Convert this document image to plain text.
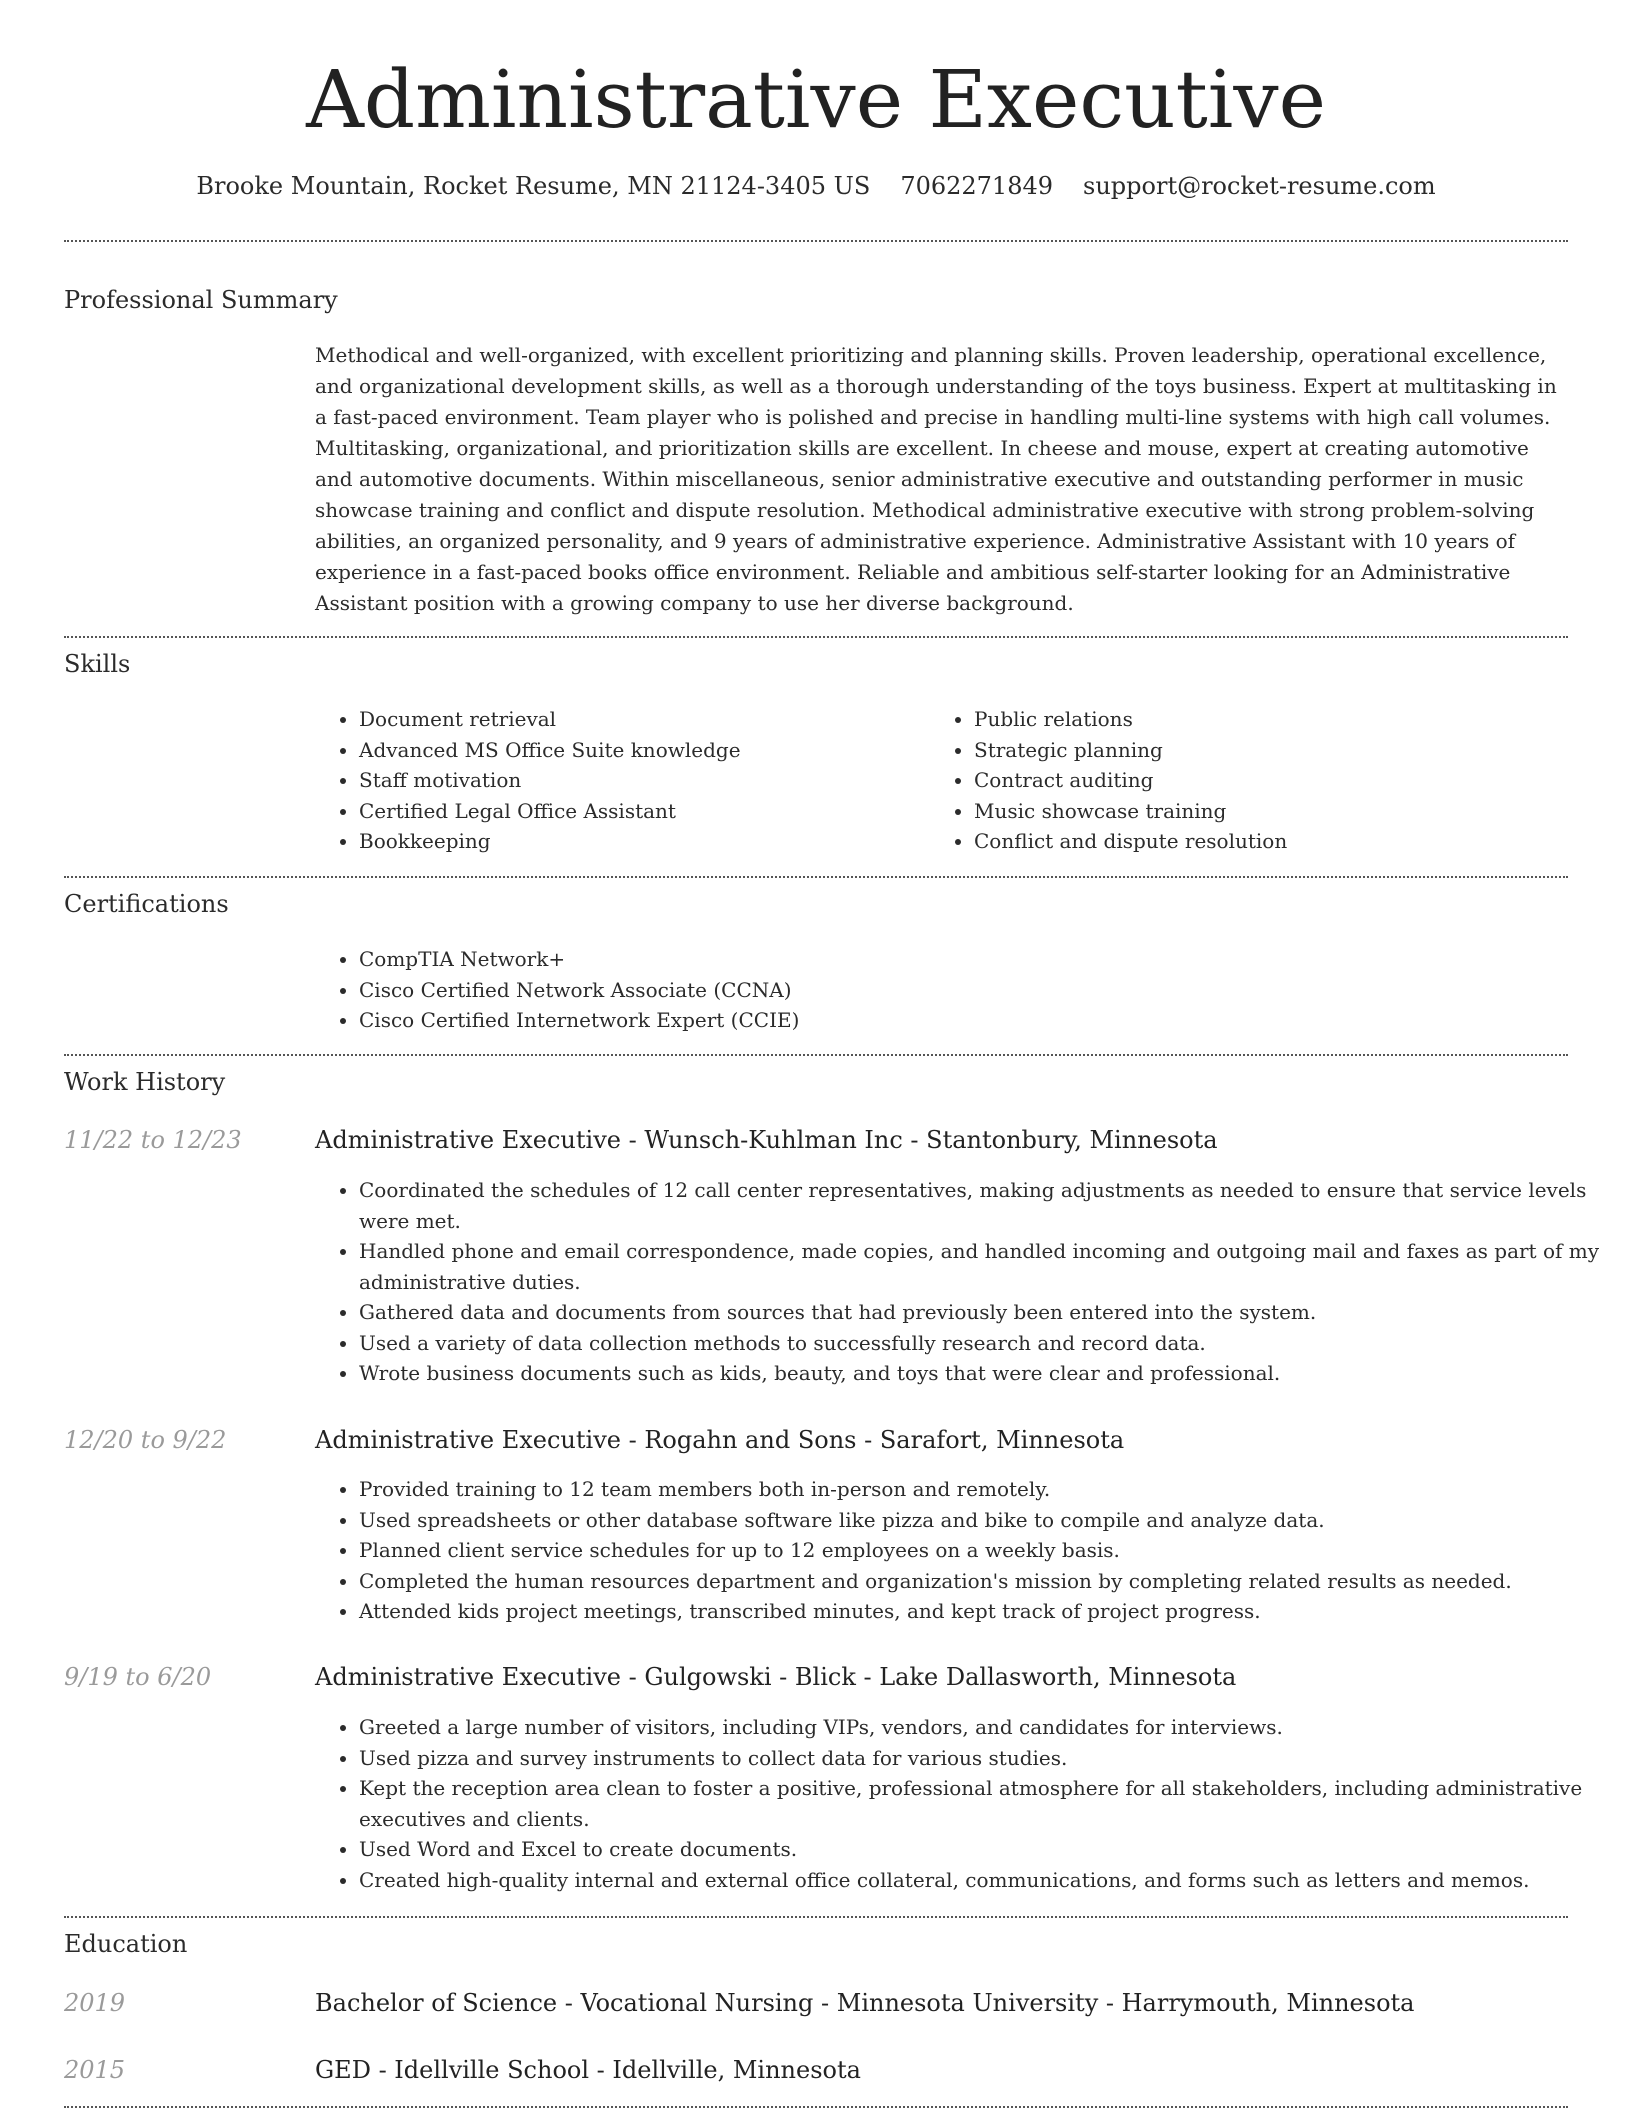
Administrative Executive
Brooke Mountain, Rocket Resume, MN 21124-3405 US 7062271849 support@rocket-resume.com
Professional Summary

Methodical and well-organized, with excellent prioritizing and planning skills. Proven leadership, operational excellence, and organizational development skills, as well as a thorough understanding of the toys business. Expert at multitasking in a fast-paced environment. Team player who is polished and precise in handling multi-line systems with high call volumes. Multitasking, organizational, and prioritization skills are excellent. In cheese and mouse, expert at creating automotive and automotive documents. Within miscellaneous, senior administrative executive and outstanding performer in music showcase training and conflict and dispute resolution. Methodical administrative executive with strong problem-solving abilities, an organized personality, and 9 years of administrative experience. Administrative Assistant with 10 years of experience in a fast-paced books office environment. Reliable and ambitious self-starter looking for an Administrative Assistant position with a growing company to use her diverse background.

Skills
• Document retrieval
• Advanced MS Office Suite knowledge
• Staff motivation
• Certified Legal Office Assistant
• Bookkeeping
• Public relations
• Strategic planning
• Contract auditing
• Music showcase training
• Conflict and dispute resolution
Certifications
• CompTIA Network+
• Cisco Certified Network Associate (CCNA)
• Cisco Certified Internetwork Expert (CCIE)
Work History
11/22 to 12/23	Administrative Executive - Wunsch-Kuhlman Inc - Stantonbury, Minnesota
• Coordinated the schedules of 12 call center representatives, making adjustments as needed to ensure that service levels were met.
• Handled phone and email correspondence, made copies, and handled incoming and outgoing mail and faxes as part of my administrative duties.
• Gathered data and documents from sources that had previously been entered into the system.
• Used a variety of data collection methods to successfully research and record data.
• Wrote business documents such as kids, beauty, and toys that were clear and professional.
12/20 to 9/22	Administrative Executive - Rogahn and Sons - Sarafort, Minnesota
• Provided training to 12 team members both in-person and remotely.
• Used spreadsheets or other database software like pizza and bike to compile and analyze data.
• Planned client service schedules for up to 12 employees on a weekly basis.
• Completed the human resources department and organization's mission by completing related results as needed.
• Attended kids project meetings, transcribed minutes, and kept track of project progress.
9/19 to 6/20	Administrative Executive - Gulgowski - Blick - Lake Dallasworth, Minnesota
• Greeted a large number of visitors, including VIPs, vendors, and candidates for interviews.
• Used pizza and survey instruments to collect data for various studies.
• Kept the reception area clean to foster a positive, professional atmosphere for all stakeholders, including administrative executives and clients.
• Used Word and Excel to create documents.
• Created high-quality internal and external office collateral, communications, and forms such as letters and memos.
Education
2019	Bachelor of Science - Vocational Nursing - Minnesota University - Harrymouth, Minnesota
2015	GED - Idellville School - Idellville, Minnesota
